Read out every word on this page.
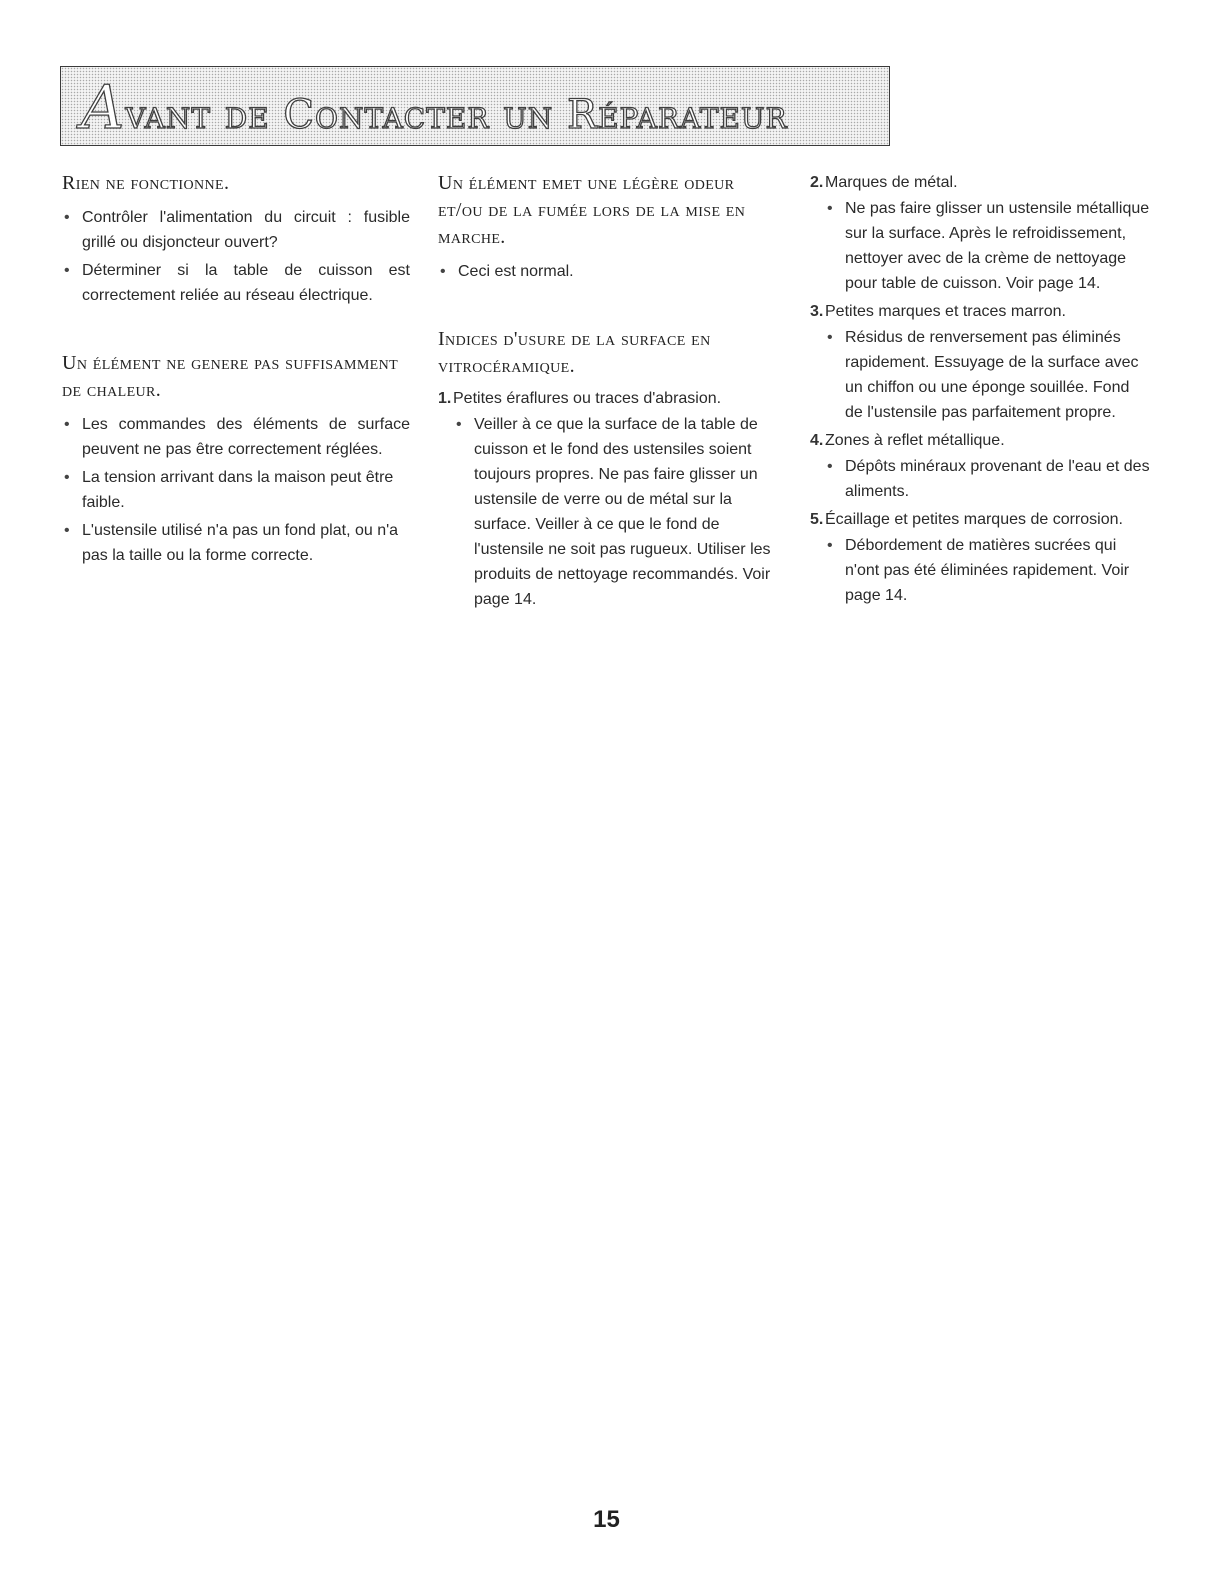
Avant de Contacter un Réparateur
Rien ne fonctionne.
• Contrôler l'alimentation du circuit : fusible grillé ou disjoncteur ouvert?
• Déterminer si la table de cuisson est correctement reliée au réseau électrique.
Un élément ne genere pas suffisamment de chaleur.
• Les commandes des éléments de surface peuvent ne pas être correctement réglées.
• La tension arrivant dans la maison peut être faible.
• L'ustensile utilisé n'a pas un fond plat, ou n'a pas la taille ou la forme correcte.
Un élément emet une légère odeur et/ou de la fumée lors de la mise en marche.
• Ceci est normal.
Indices d'usure de la surface en vitrocéramique.
1. Petites éraflures ou traces d'abrasion.
• Veiller à ce que la surface de la table de cuisson et le fond des ustensiles soient toujours propres. Ne pas faire glisser un ustensile de verre ou de métal sur la surface. Veiller à ce que le fond de l'ustensile ne soit pas rugueux. Utiliser les produits de nettoyage recommandés. Voir page 14.
2. Marques de métal.
• Ne pas faire glisser un ustensile métallique sur la surface. Après le refroidissement, nettoyer avec de la crème de nettoyage pour table de cuisson. Voir page 14.
3. Petites marques et traces marron.
• Résidus de renversement pas éliminés rapidement. Essuyage de la surface avec un chiffon ou une éponge souillée. Fond de l'ustensile pas parfaitement propre.
4. Zones à reflet métallique.
• Dépôts minéraux provenant de l'eau et des aliments.
5. Écaillage et petites marques de corrosion.
• Débordement de matières sucrées qui n'ont pas été éliminées rapidement. Voir page 14.
15
